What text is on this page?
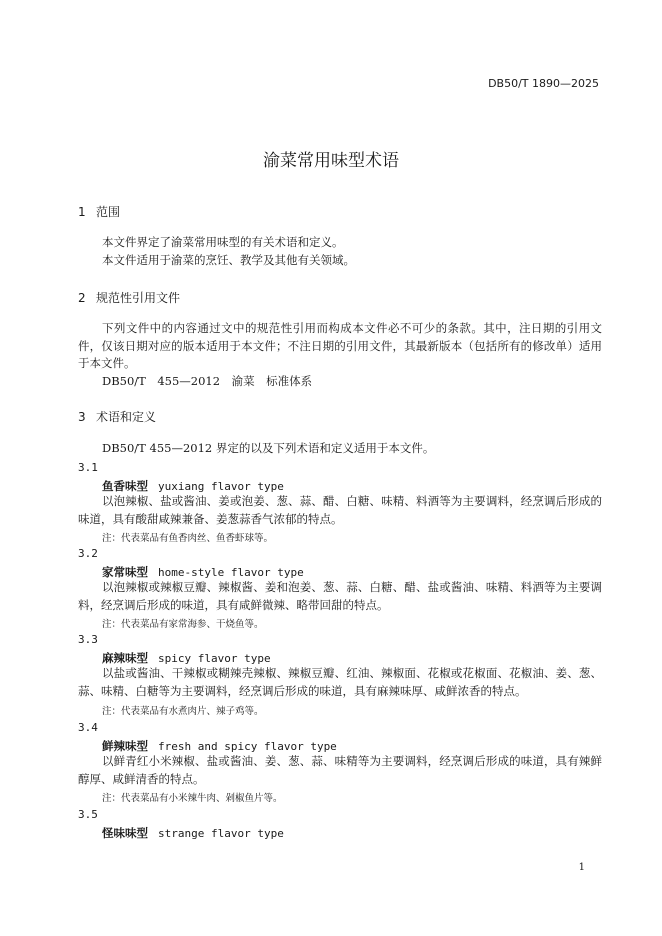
DB50/T 1890—2025
渝菜常用味型术语
1 范围

本文件界定了渝菜常用味型的有关术语和定义。

本文件适用于渝菜的烹饪、教学及其他有关领域。

2 规范性引用文件

下列文件中的内容通过文中的规范性引用而构成本文件必不可少的条款。其中，注日期的引用文件，仅该日期对应的版本适用于本文件；不注日期的引用文件，其最新版本（包括所有的修改单）适用于本文件。

DB50/T　455—2012　 渝菜　标准体系

3 术语和定义

DB50/T 455—2012 界定的以及下列术语和定义适用于本文件。

3.1
鱼香味型 yuxiang flavor type

以泡辣椒、盐或酱油、姜或泡姜、葱、蒜、醋、白糖、味精、料酒等为主要调料，经烹调后形成的味道，具有酸甜咸辣兼备、姜葱蒜香气浓郁的特点。

注：代表菜品有鱼香肉丝、鱼香虾球等。
3.2
家常味型 home-style flavor type

以泡辣椒或辣椒豆瓣、辣椒酱、姜和泡姜、葱、蒜、白糖、醋、盐或酱油、味精、料酒等为主要调料，经烹调后形成的味道，具有咸鲜微辣、略带回甜的特点。

注：代表菜品有家常海参、干烧鱼等。
3.3
麻辣味型 spicy flavor type

以盐或酱油、干辣椒或糊辣壳辣椒、辣椒豆瓣、红油、辣椒面、花椒或花椒面、花椒油、姜、葱、蒜、味精、白糖等为主要调料，经烹调后形成的味道，具有麻辣味厚、咸鲜浓香的特点。

注：代表菜品有水煮肉片、辣子鸡等。
3.4
鲜辣味型 fresh and spicy flavor type

以鲜青红小米辣椒、盐或酱油、姜、葱、蒜、味精等为主要调料，经烹调后形成的味道，具有辣鲜醇厚、咸鲜清香的特点。

注：代表菜品有小米辣牛肉、剁椒鱼片等。
3.5
怪味味型 strange flavor type
1
